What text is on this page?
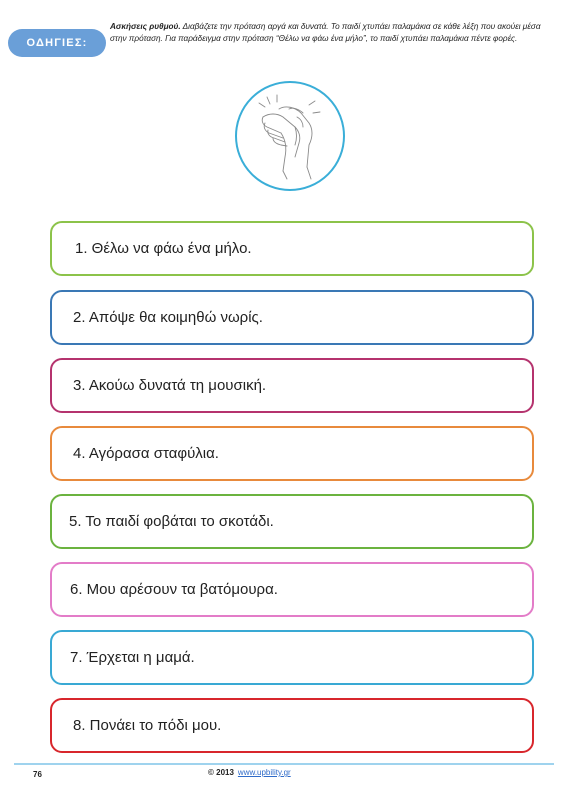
ΟΔΗΓΙΕΣ:
Ασκήσεις ρυθμού. Διαβάζετε την πρόταση αργά και δυνατά. Το παιδί χτυπάει παλαμάκια σε κάθε λέξη που ακούει μέσα στην πρόταση. Για παράδειγμα στην πρόταση “Θέλω να φάω ένα μήλο”, το παιδί χτυπάει παλαμάκια πέντε φορές.
1. Θέλω να φάω ένα μήλο.
2. Απόψε θα κοιμηθώ νωρίς.
3. Ακούω δυνατά τη μουσική.
4. Αγόρασα σταφύλια.
5. Το παιδί φοβάται το σκοτάδι.
6. Μου αρέσουν τα βατόμουρα.
7. Έρχεται η μαμά.
8. Πονάει το πόδι μου.
76	© 2013 www.upbility.gr
